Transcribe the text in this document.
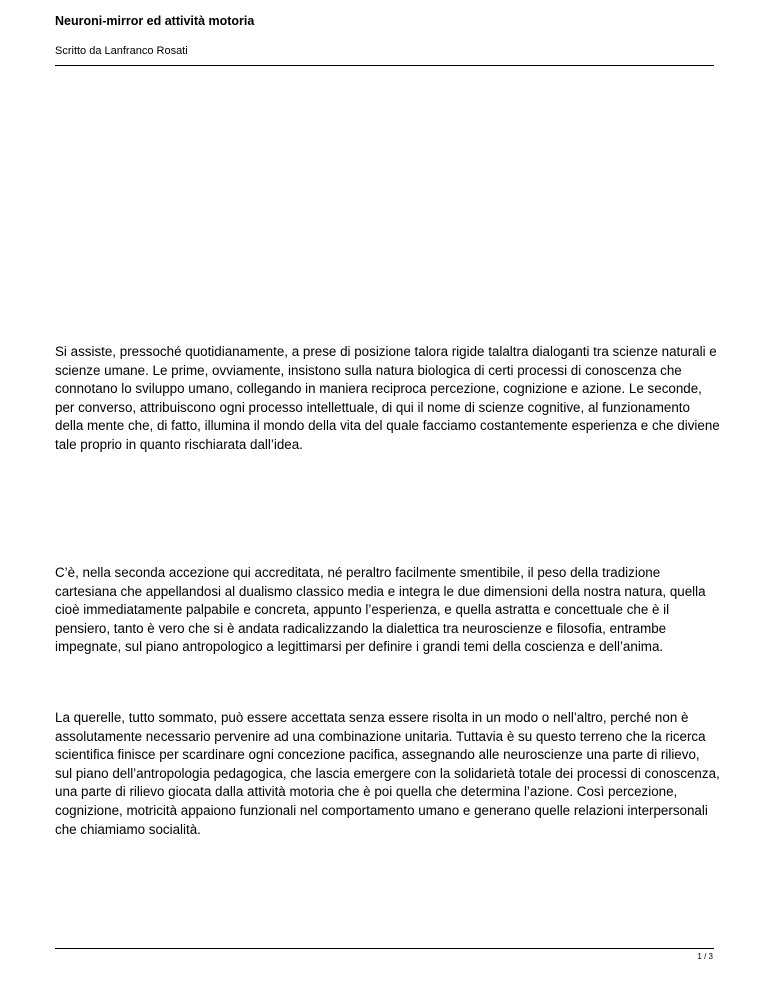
Neuroni-mirror ed attività motoria
Scritto da Lanfranco Rosati

Si assiste, pressoché quotidianamente, a prese di posizione talora rigide talaltra dialoganti tra scienze naturali e scienze umane. Le prime, ovviamente, insistono sulla natura biologica di certi processi di conoscenza che connotano lo sviluppo umano, collegando in maniera reciproca percezione, cognizione e azione. Le seconde, per converso, attribuiscono ogni processo intellettuale, di qui il nome di scienze cognitive, al funzionamento della mente che, di fatto, illumina il mondo della vita del quale facciamo costantemente esperienza e che diviene tale proprio in quanto rischiarata dall’idea.

C’è, nella seconda accezione qui accreditata, né peraltro facilmente smentibile, il peso della tradizione cartesiana che appellandosi al dualismo classico media e integra le due dimensioni della nostra natura, quella cioè immediatamente palpabile e concreta, appunto l’esperienza, e quella astratta e concettuale che è il pensiero, tanto è vero che si è andata radicalizzando la dialettica tra neuroscienze e filosofia, entrambe impegnate, sul piano antropologico a legittimarsi per definire i grandi temi della coscienza e dell’anima.

La querelle, tutto sommato, può essere accettata senza essere risolta in un modo o nell’altro, perché non è assolutamente necessario pervenire ad una combinazione unitaria. Tuttavia è su questo terreno che la ricerca scientifica finisce per scardinare ogni concezione pacifica, assegnando alle neuroscienze una parte di rilievo, sul piano dell’antropologia pedagogica, che lascia emergere con la solidarietà totale dei processi di conoscenza, una parte di rilievo giocata dalla attività motoria che è poi quella che determina l’azione. Così percezione, cognizione, motricità appaiono funzionali nel comportamento umano e generano quelle relazioni interpersonali che chiamiamo socialità.

1 / 3
